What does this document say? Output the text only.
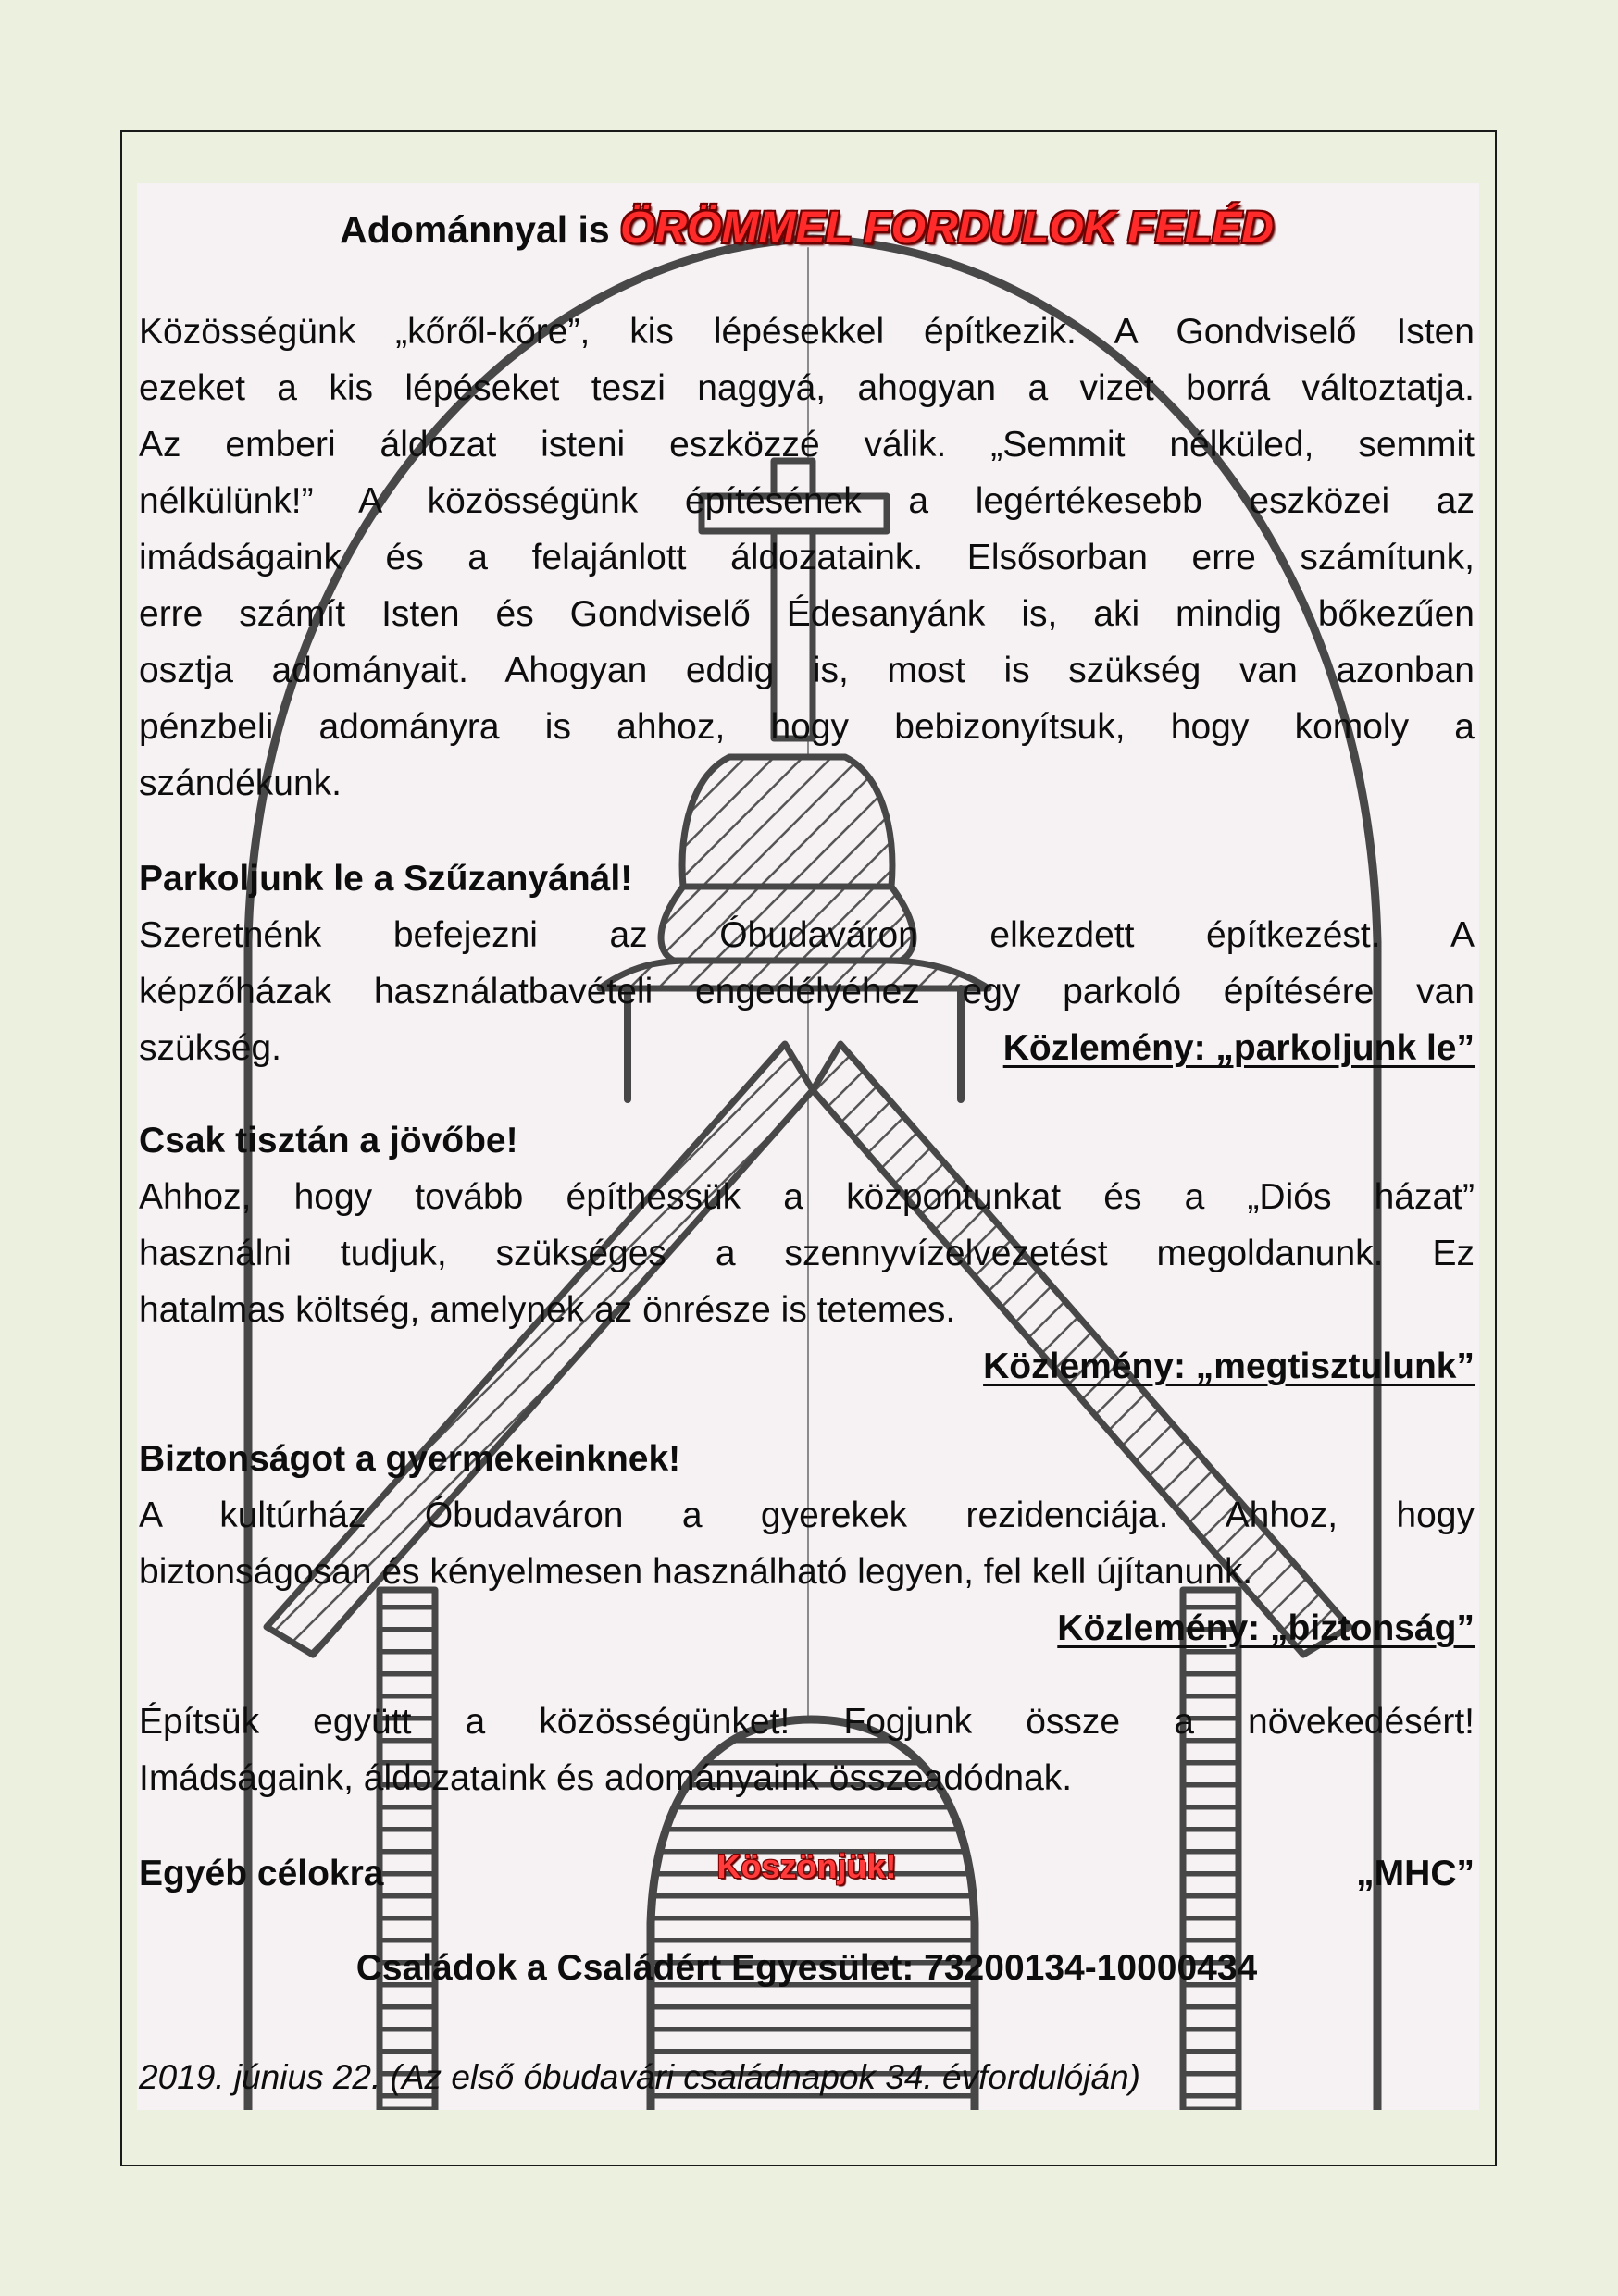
Adománnyal is ÖRÖMMEL FORDULOK FELÉD
Közösségünk „kőről-kőre”, kis lépésekkel építkezik. A Gondviselő Isten
ezeket a kis lépéseket teszi naggyá, ahogyan a vizet borrá változtatja.
Az emberi áldozat isteni eszközzé válik. „Semmit nélküled, semmit
nélkülünk!” A közösségünk építésének a legértékesebb eszközei az
imádságaink és a felajánlott áldozataink. Elsősorban erre számítunk,
erre számít Isten és Gondviselő Édesanyánk is, aki mindig bőkezűen
osztja adományait. Ahogyan eddig is, most is szükség van azonban
pénzbeli adományra is ahhoz, hogy bebizonyítsuk, hogy komoly a
szándékunk.
Parkoljunk le a Szűzanyánál!
Szeretnénk befejezni az Óbudaváron elkezdett építkezést. A
képzőházak használatbavételi engedélyéhez egy parkoló építésére van
szükség.	Közlemény: „parkoljunk le”
Csak tisztán a jövőbe!
Ahhoz, hogy tovább építhessük a központunkat és a „Diós házat”
használni tudjuk, szükséges a szennyvízelvezetést megoldanunk. Ez
hatalmas költség, amelynek az önrésze is tetemes.
Közlemény: „megtisztulunk”
Biztonságot a gyermekeinknek!
A kultúrház Óbudaváron a gyerekek rezidenciája. Ahhoz, hogy
biztonságosan és kényelmesen használható legyen, fel kell újítanunk.
Közlemény: „biztonság”
Építsük együtt a közösségünket! Fogjunk össze a növekedésért!
Imádságaink, áldozataink és adományaink összeadódnak.
Egyéb célokra	Köszönjük!	„MHC”
Családok a Családért Egyesület: 73200134-10000434
2019. június 22. (Az első óbudavári családnapok 34. évfordulóján)
